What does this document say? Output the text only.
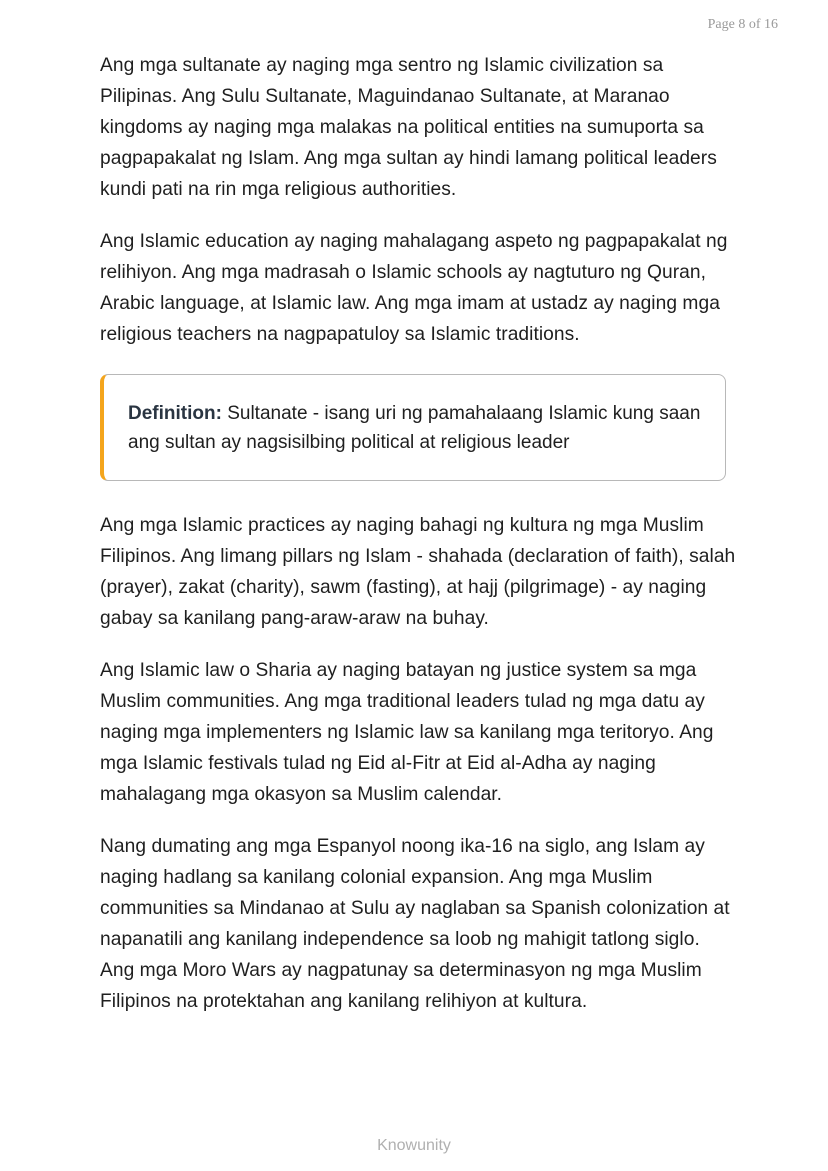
Page 8 of 16

Ang mga sultanate ay naging mga sentro ng Islamic civilization sa Pilipinas. Ang Sulu Sultanate, Maguindanao Sultanate, at Maranao kingdoms ay naging mga malakas na political entities na sumuporta sa pagpapakalat ng Islam. Ang mga sultan ay hindi lamang political leaders kundi pati na rin mga religious authorities.

Ang Islamic education ay naging mahalagang aspeto ng pagpapakalat ng relihiyon. Ang mga madrasah o Islamic schools ay nagtuturo ng Quran, Arabic language, at Islamic law. Ang mga imam at ustadz ay naging mga religious teachers na nagpapatuloy sa Islamic traditions.

Definition: Sultanate - isang uri ng pamahalaang Islamic kung saan ang sultan ay nagsisilbing political at religious leader

Ang mga Islamic practices ay naging bahagi ng kultura ng mga Muslim Filipinos. Ang limang pillars ng Islam - shahada (declaration of faith), salah (prayer), zakat (charity), sawm (fasting), at hajj (pilgrimage) - ay naging gabay sa kanilang pang-araw-araw na buhay.

Ang Islamic law o Sharia ay naging batayan ng justice system sa mga Muslim communities. Ang mga traditional leaders tulad ng mga datu ay naging mga implementers ng Islamic law sa kanilang mga teritoryo. Ang mga Islamic festivals tulad ng Eid al-Fitr at Eid al-Adha ay naging mahalagang mga okasyon sa Muslim calendar.

Nang dumating ang mga Espanyol noong ika-16 na siglo, ang Islam ay naging hadlang sa kanilang colonial expansion. Ang mga Muslim communities sa Mindanao at Sulu ay naglaban sa Spanish colonization at napanatili ang kanilang independence sa loob ng mahigit tatlong siglo. Ang mga Moro Wars ay nagpatunay sa determinasyon ng mga Muslim Filipinos na protektahan ang kanilang relihiyon at kultura.

Knowunity
